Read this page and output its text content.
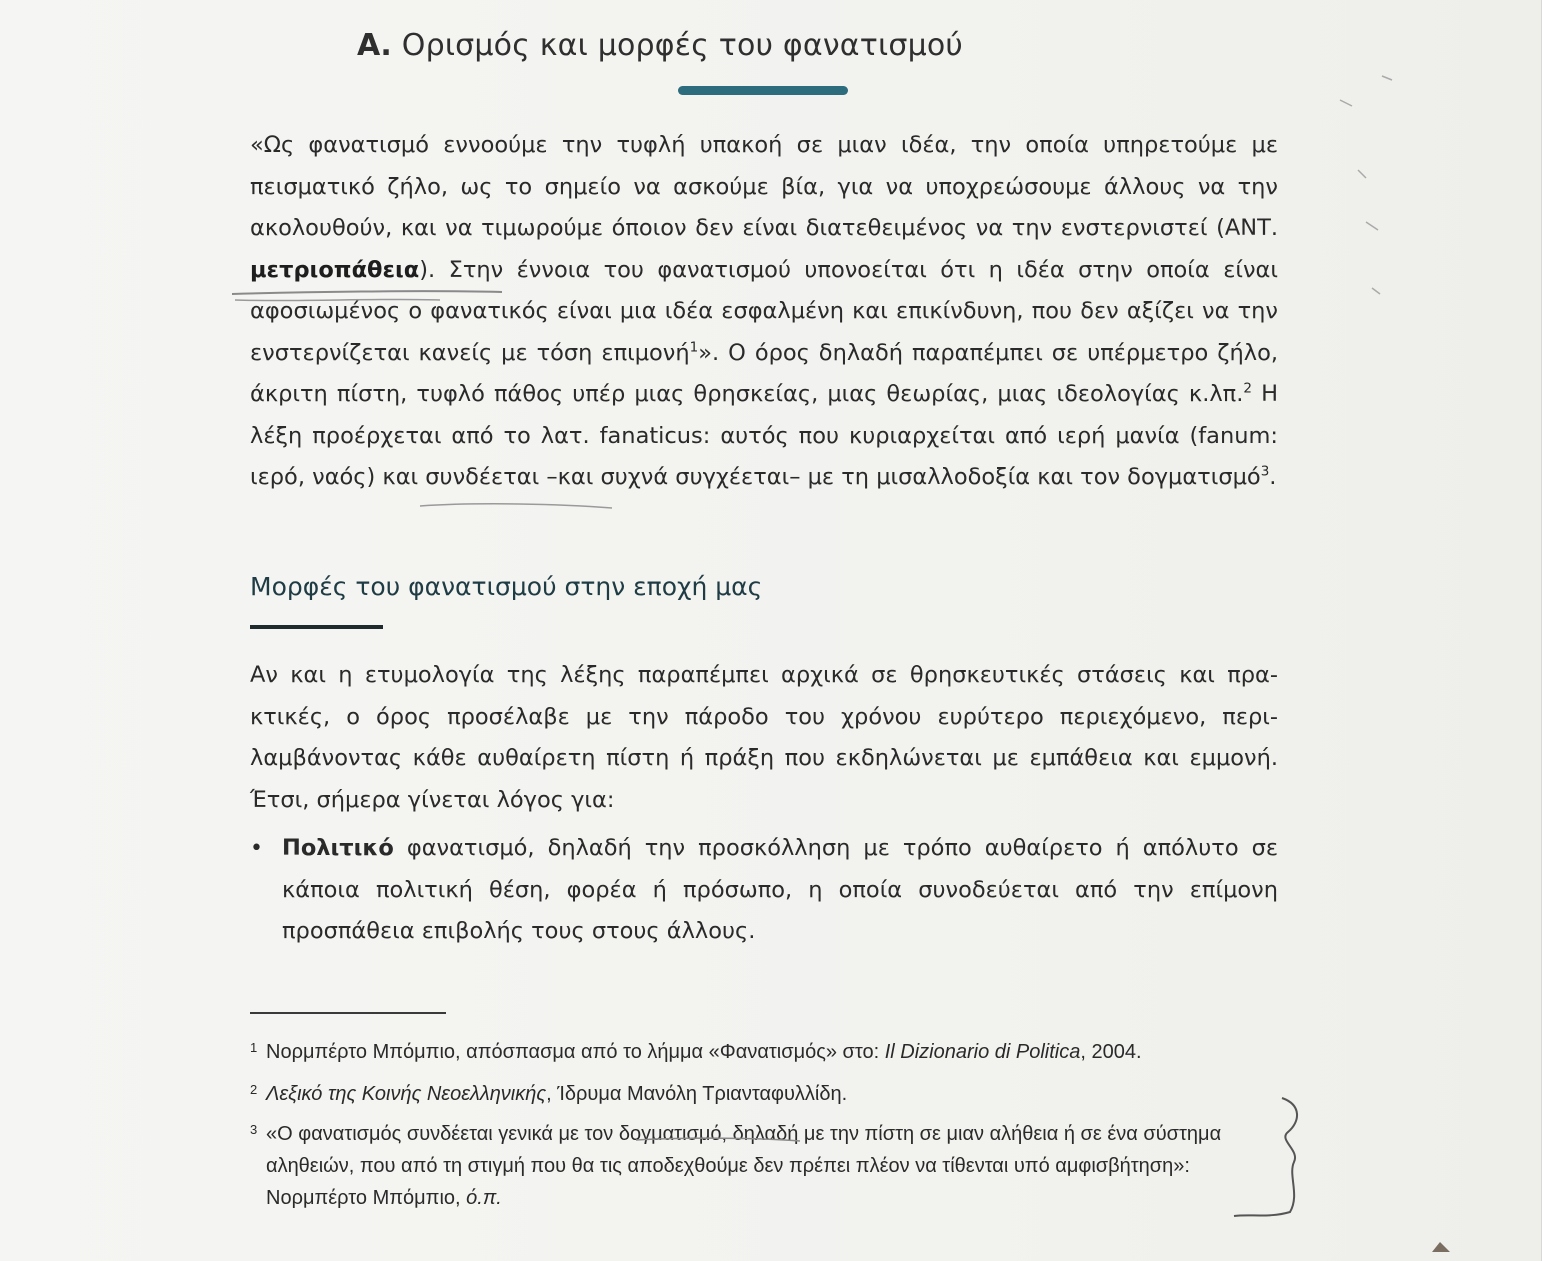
Α. Ορισμός και μορφές του φανατισμού

«Ως φανατισμό εννοούμε την τυφλή υπακοή σε μιαν ιδέα, την οποία υπηρετούμε με πεισματικό ζήλο, ως το σημείο να ασκούμε βία, για να υποχρεώσουμε άλλους να την ακολουθούν, και να τιμωρούμε όποιον δεν είναι διατεθειμένος να την ενστερνιστεί (ΑΝΤ. μετριοπάθεια). Στην έννοια του φανατισμού υπονοείται ότι η ιδέα στην οποία είναι αφοσιωμένος ο φανατικός είναι μια ιδέα εσφαλμένη και επικίνδυνη, που δεν αξίζει να την ενστερνίζεται κανείς με τόση επιμονή$^1$». Ο όρος δηλαδή παραπέμπει σε υπέρμετρο ζήλο, άκριτη πίστη, τυφλό πάθος υπέρ μιας θρησκείας, μιας θεωρίας, μιας ιδεολογίας κ.λπ.$^2$ Η λέξη προέρχεται από το λατ. fanaticus: αυτός που κυριαρχείται από ιερή μανία (fanum: ιερό, ναός) και συνδέεται –και συχνά συγχέεται– με τη μισαλλοδοξία και τον δογματισμό$^3$.

Μορφές του φανατισμού στην εποχή μας

Αν και η ετυμολογία της λέξης παραπέμπει αρχικά σε θρησκευτικές στάσεις και πρακτικές, ο όρος προσέλαβε με την πάροδο του χρόνου ευρύτερο περιεχόμενο, περιλαμβάνοντας κάθε αυθαίρετη πίστη ή πράξη που εκδηλώνεται με εμπάθεια και εμμονή. Έτσι, σήμερα γίνεται λόγος για:

• Πολιτικό φανατισμό, δηλαδή την προσκόλληση με τρόπο αυθαίρετο ή απόλυτο σε κάποια πολιτική θέση, φορέα ή πρόσωπο, η οποία συνοδεύεται από την επίμονη προσπάθεια επιβολής τους στους άλλους.

1 Νορμπέρτο Μπόμπιο, απόσπασμα από το λήμμα «Φανατισμός» στο: Il Dizionario di Politica, 2004.

2 Λεξικό της Κοινής Νεοελληνικής, Ίδρυμα Μανόλη Τριανταφυλλίδη.

3 «Ο φανατισμός συνδέεται γενικά με τον δογματισμό, δηλαδή με την πίστη σε μιαν αλήθεια ή σε ένα σύστημα αληθειών, που από τη στιγμή που θα τις αποδεχθούμε δεν πρέπει πλέον να τίθενται υπό αμφισβήτηση»: Νορμπέρτο Μπόμπιο, ό.π.
